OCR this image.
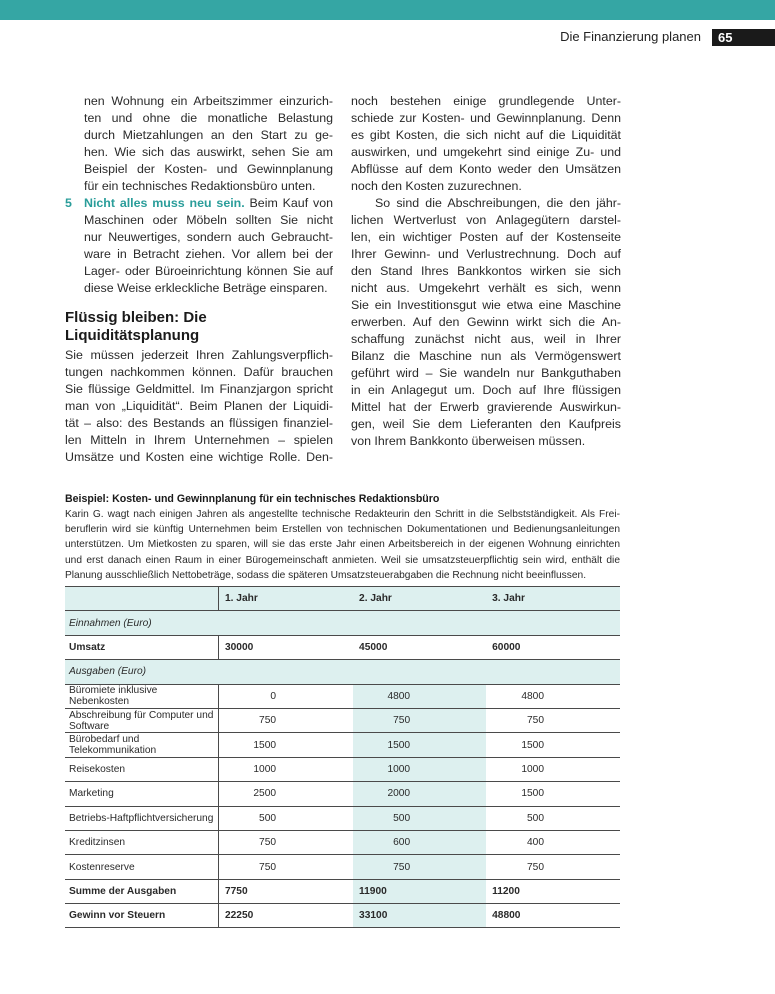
Die Finanzierung planen	65

nen Wohnung ein Arbeitszimmer einzurich-

ten und ohne die monatliche Belastung

durch Mietzahlungen an den Start zu ge-

hen. Wie sich das auswirkt, sehen Sie am

Beispiel der Kosten- und Gewinnplanung

für ein technisches Redaktionsbüro unten.

5 Nicht alles muss neu sein. Beim Kauf von

Maschinen oder Möbeln sollten Sie nicht

nur Neuwertiges, sondern auch Gebraucht-

ware in Betracht ziehen. Vor allem bei der

Lager- oder Büroeinrichtung können Sie auf

diese Weise erkleckliche Beträge einsparen.

Flüssig bleiben: Die Liquiditätsplanung

Sie müssen jederzeit Ihren Zahlungsverpflich-

tungen nachkommen können. Dafür brauchen

Sie flüssige Geldmittel. Im Finanzjargon spricht

man von „Liquidität“. Beim Planen der Liquidi-

tät – also: des Bestands an flüssigen finanziel-

len Mitteln in Ihrem Unternehmen – spielen

Umsätze und Kosten eine wichtige Rolle. Den-

noch bestehen einige grundlegende Unter-

schiede zur Kosten- und Gewinnplanung. Denn

es gibt Kosten, die sich nicht auf die Liquidität

auswirken, und umgekehrt sind einige Zu- und

Abflüsse auf dem Konto weder den Umsätzen

noch den Kosten zuzurechnen.

So sind die Abschreibungen, die den jähr-

lichen Wertverlust von Anlagegütern darstel-

len, ein wichtiger Posten auf der Kostenseite

Ihrer Gewinn- und Verlustrechnung. Doch auf

den Stand Ihres Bankkontos wirken sie sich

nicht aus. Umgekehrt verhält es sich, wenn

Sie ein Investitionsgut wie etwa eine Maschine

erwerben. Auf den Gewinn wirkt sich die An-

schaffung zunächst nicht aus, weil in Ihrer

Bilanz die Maschine nun als Vermögenswert

geführt wird – Sie wandeln nur Bankguthaben

in ein Anlagegut um. Doch auf Ihre flüssigen

Mittel hat der Erwerb gravierende Auswirkun-

gen, weil Sie dem Lieferanten den Kaufpreis

von Ihrem Bankkonto überweisen müssen.

Beispiel: Kosten- und Gewinnplanung für ein technisches Redaktionsbüro
Karin G. wagt nach einigen Jahren als angestellte technische Redakteurin den Schritt in die Selbstständigkeit. Als Frei-
beruflerin wird sie künftig Unternehmen beim Erstellen von technischen Dokumentationen und Bedienungsanleitungen
unterstützen. Um Mietkosten zu sparen, will sie das erste Jahr einen Arbeitsbereich in der eigenen Wohnung einrichten
und erst danach einen Raum in einer Bürogemeinschaft anmieten. Weil sie umsatzsteuerpflichtig sein wird, enthält die
Planung ausschließlich Nettobeträge, sodass die späteren Umsatzsteuerabgaben die Rechnung nicht beeinflussen.
	1. Jahr	2. Jahr	3. Jahr
Einnahmen (Euro)			
Umsatz	30000	45000	60000
Ausgaben (Euro)			
Büromiete inklusive Nebenkosten	0	4800	4800
Abschreibung für Computer und Software	750	750	750
Bürobedarf und Telekommunikation	1500	1500	1500
Reisekosten	1000	1000	1000
Marketing	2500	2000	1500
Betriebs-Haftpflichtversicherung	500	500	500
Kreditzinsen	750	600	400
Kostenreserve	750	750	750
Summe der Ausgaben	7750	11900	11200
Gewinn vor Steuern	22250	33100	48800
